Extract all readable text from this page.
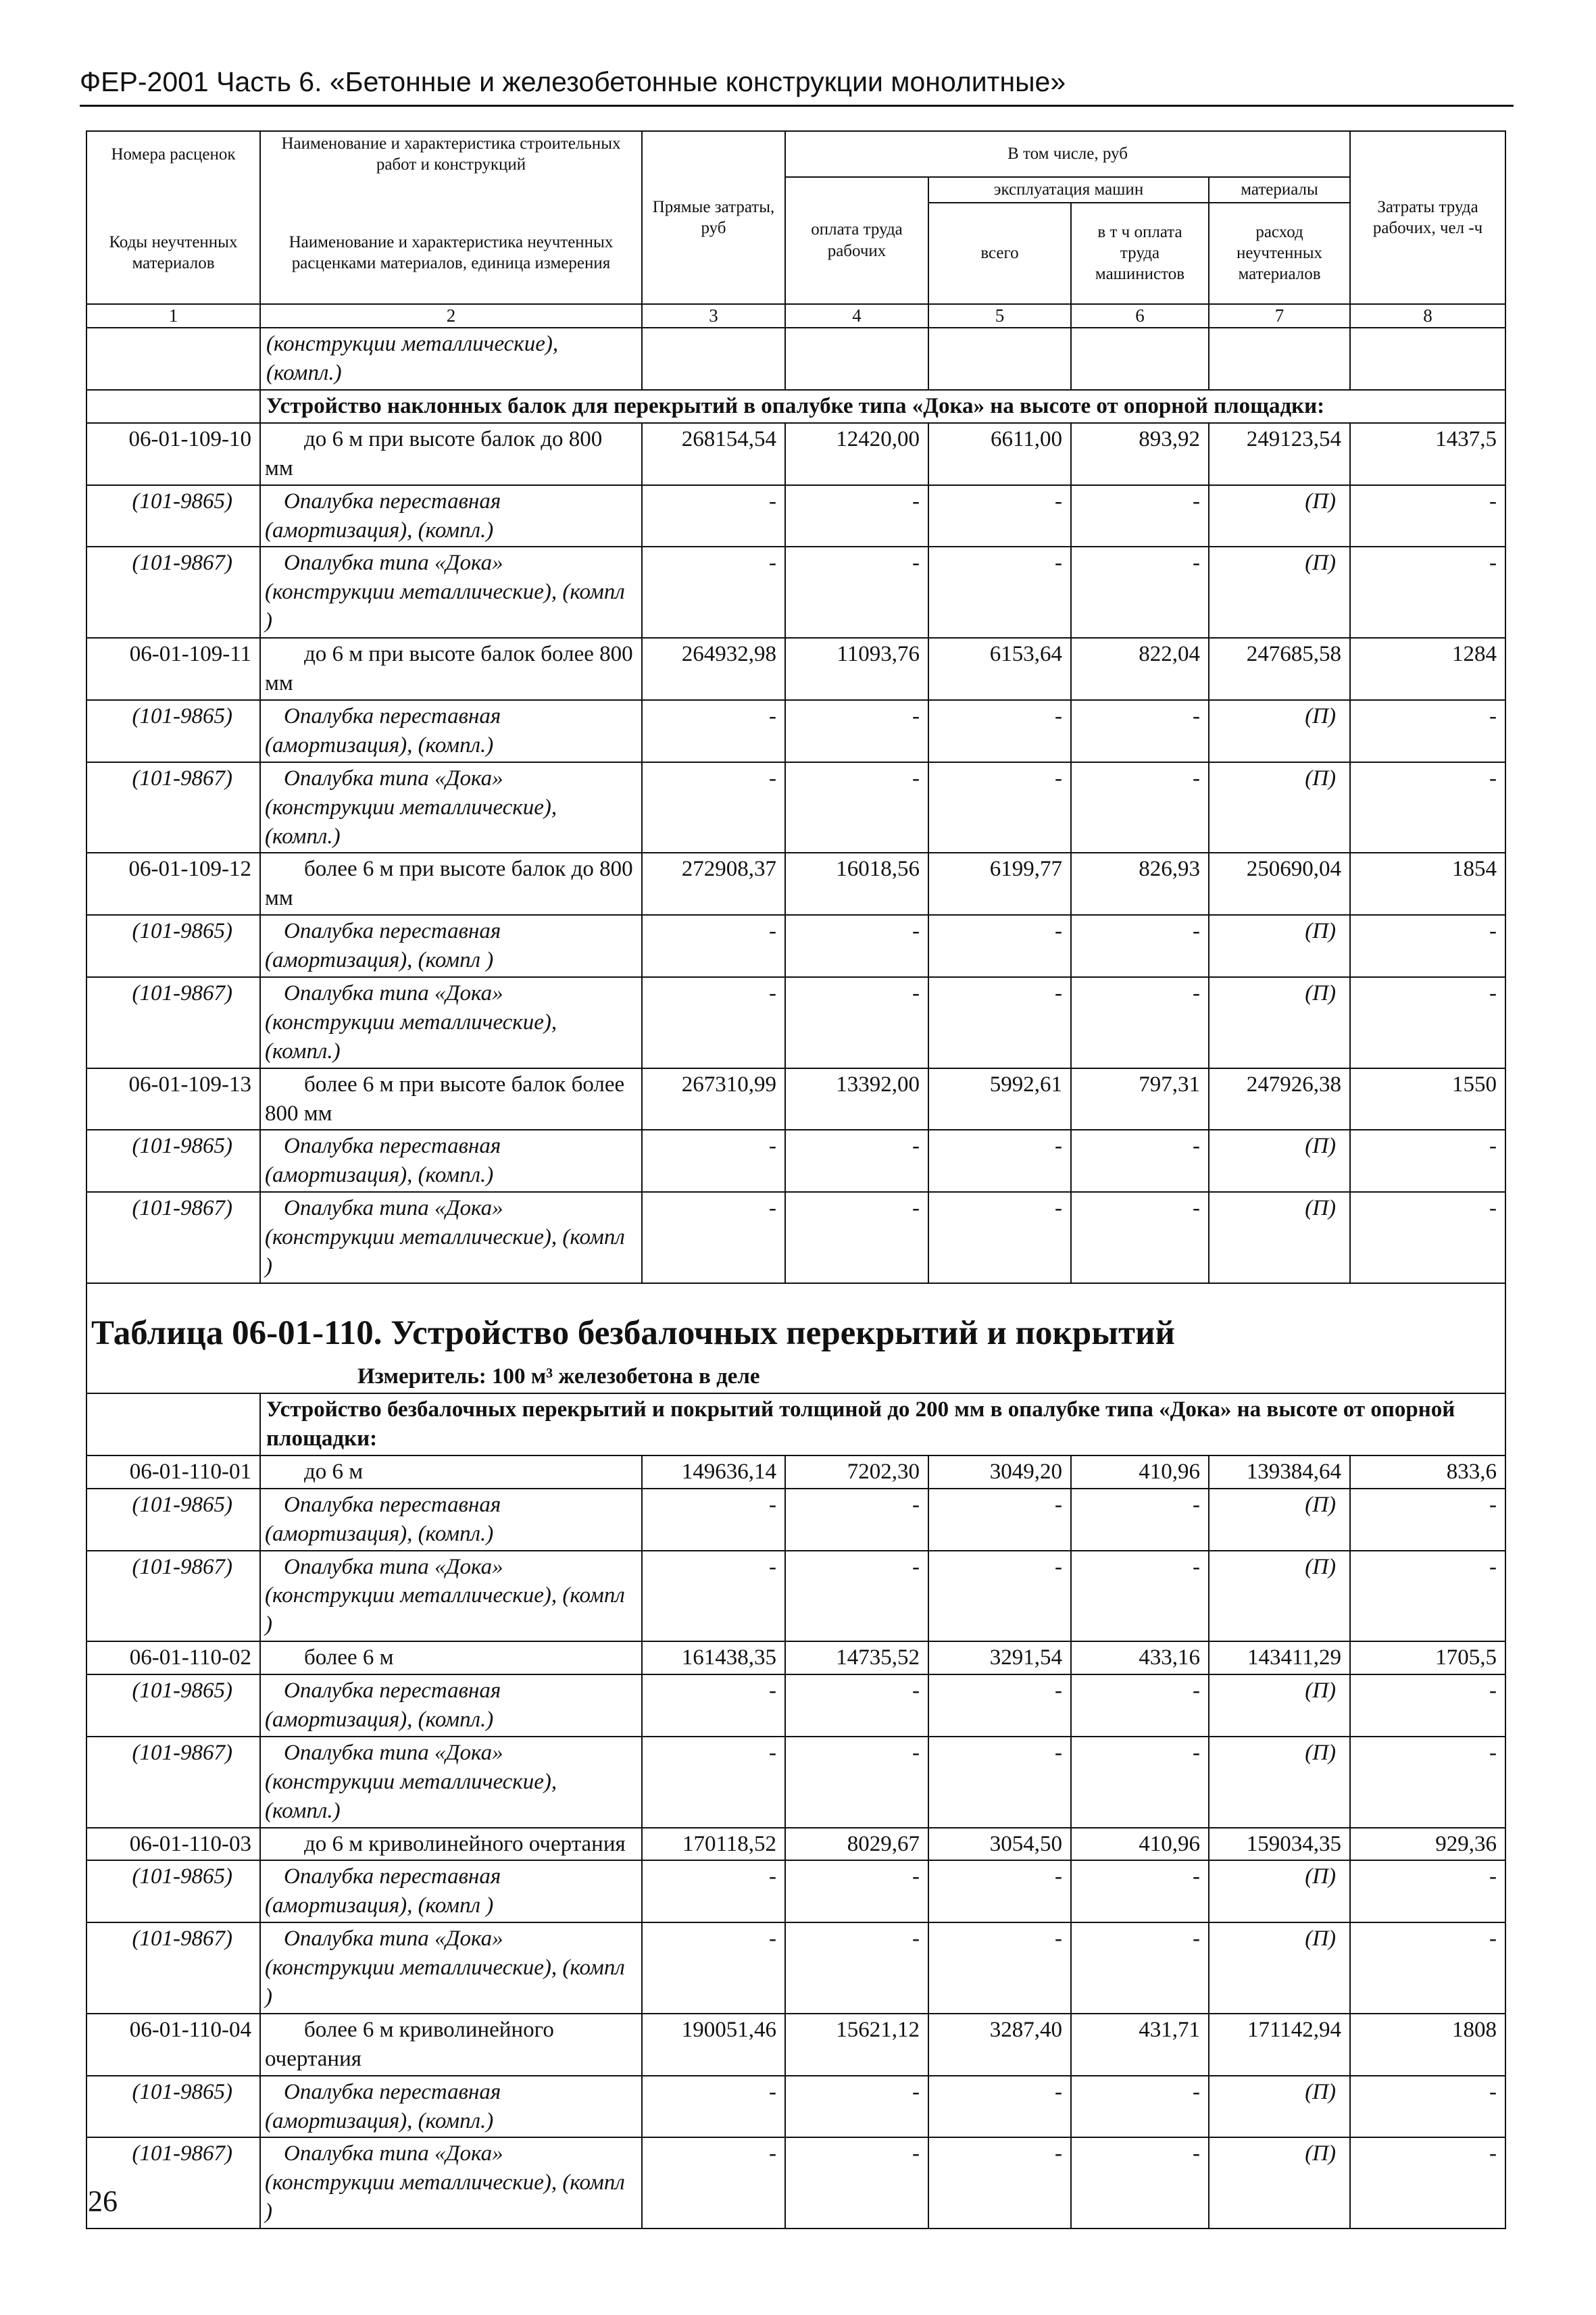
ФЕР-2001 Часть 6. «Бетонные и железобетонные конструкции монолитные»
Номера расценок	Наименование и характеристика строительных работ и конструкций	Прямые затраты, руб	В том числе, руб				Затраты труда рабочих, чел -ч
			оплата труда рабочих	эксплуатация машин		материалы	
Коды неучтенных материалов	Наименование и характеристика неучтенных расценками материалов, единица измерения			всего	в т ч оплата труда машинистов	расход неучтенных материалов	
1	2	3	4	5	6	7	8
	(конструкции металлические), (компл.)						
	Устройство наклонных балок для перекрытий в опалубке типа «Дока» на высоте от опорной площадки:						
06-01-109-10	до 6 м при высоте балок до 800 мм	268154,54	12420,00	6611,00	893,92	249123,54	1437,5
(101-9865)	Опалубка переставная (амортизация), (компл.)	-	-	-	-	(П)	-
(101-9867)	Опалубка типа «Дока» (конструкции металлические), (компл )	-	-	-	-	(П)	-
06-01-109-11	до 6 м при высоте балок более 800 мм	264932,98	11093,76	6153,64	822,04	247685,58	1284
(101-9865)	Опалубка переставная (амортизация), (компл.)	-	-	-	-	(П)	-
(101-9867)	Опалубка типа «Дока» (конструкции металлические), (компл.)	-	-	-	-	(П)	-
06-01-109-12	более 6 м при высоте балок до 800 мм	272908,37	16018,56	6199,77	826,93	250690,04	1854
(101-9865)	Опалубка переставная (амортизация), (компл )	-	-	-	-	(П)	-
(101-9867)	Опалубка типа «Дока» (конструкции металлические), (компл.)	-	-	-	-	(П)	-
06-01-109-13	более 6 м при высоте балок более 800 мм	267310,99	13392,00	5992,61	797,31	247926,38	1550
(101-9865)	Опалубка переставная (амортизация), (компл.)	-	-	-	-	(П)	-
(101-9867)	Опалубка типа «Дока» (конструкции металлические), (компл )	-	-	-	-	(П)	-
Таблица 06-01-110. Устройство безбалочных перекрытий и покрытий							
Измеритель: 100 м³ железобетона в деле							
	Устройство безбалочных перекрытий и покрытий толщиной до 200 мм в опалубке типа «Дока» на высоте от опорной площадки:						
06-01-110-01	до 6 м	149636,14	7202,30	3049,20	410,96	139384,64	833,6
(101-9865)	Опалубка переставная (амортизация), (компл.)	-	-	-	-	(П)	-
(101-9867)	Опалубка типа «Дока» (конструкции металлические), (компл )	-	-	-	-	(П)	-
06-01-110-02	более 6 м	161438,35	14735,52	3291,54	433,16	143411,29	1705,5
(101-9865)	Опалубка переставная (амортизация), (компл.)	-	-	-	-	(П)	-
(101-9867)	Опалубка типа «Дока» (конструкции металлические), (компл.)	-	-	-	-	(П)	-
06-01-110-03	до 6 м криволинейного очертания	170118,52	8029,67	3054,50	410,96	159034,35	929,36
(101-9865)	Опалубка переставная (амортизация), (компл )	-	-	-	-	(П)	-
(101-9867)	Опалубка типа «Дока» (конструкции металлические), (компл )	-	-	-	-	(П)	-
06-01-110-04	более 6 м криволинейного очертания	190051,46	15621,12	3287,40	431,71	171142,94	1808
(101-9865)	Опалубка переставная (амортизация), (компл.)	-	-	-	-	(П)	-
(101-9867)	Опалубка типа «Дока» (конструкции металлические), (компл )	-	-	-	-	(П)	-
26
